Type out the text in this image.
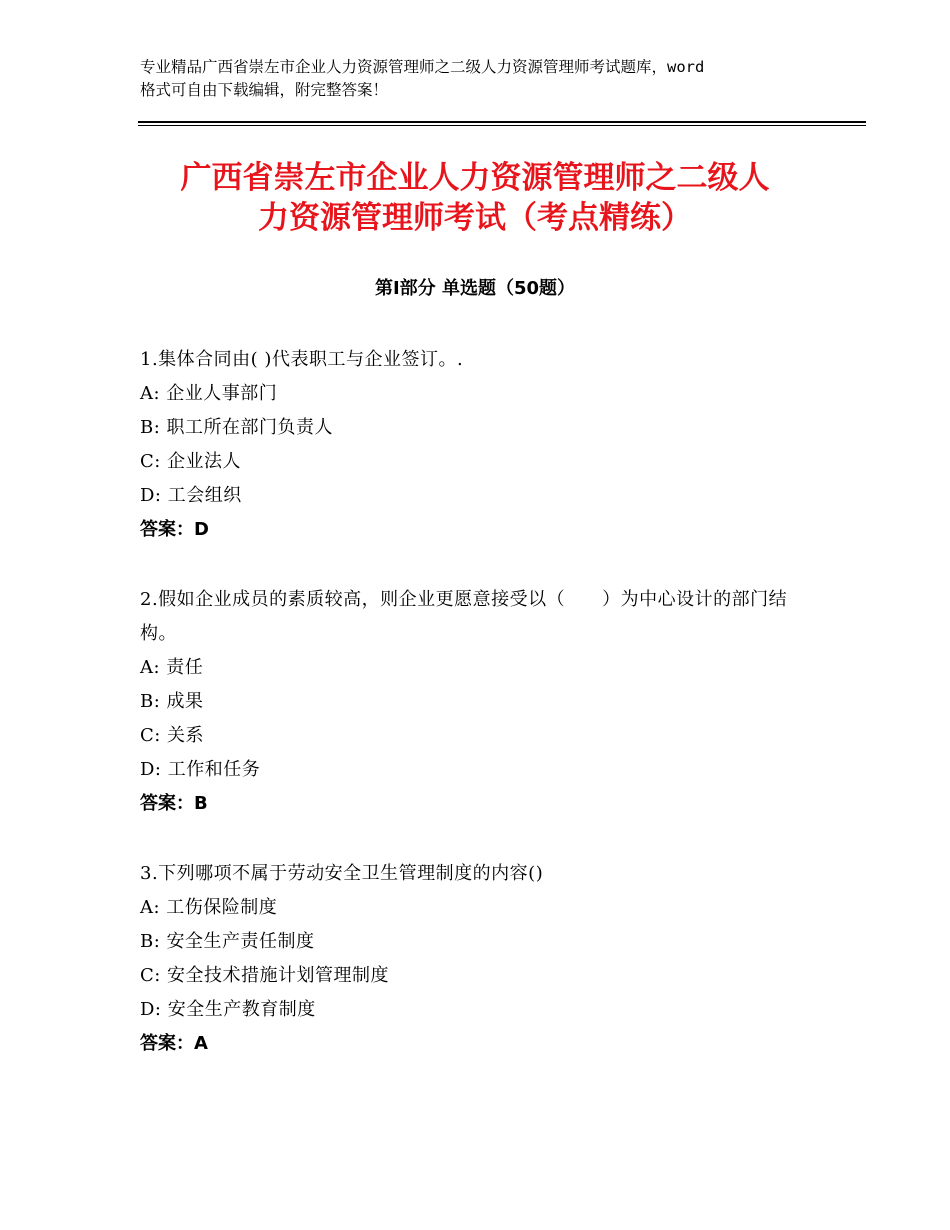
专业精品广西省崇左市企业人力资源管理师之二级人力资源管理师考试题库，word
格式可自由下载编辑，附完整答案！
广西省崇左市企业人力资源管理师之二级人
力资源管理师考试（考点精练）
第Ⅰ部分 单选题（50题）

1.集体合同由( )代表职工与企业签订。.

A: 企业人事部门

B: 职工所在部门负责人

C: 企业法人

D: 工会组织

答案：D

2.假如企业成员的素质较高，则企业更愿意接受以（　　）为中心设计的部门结构。

A: 责任

B: 成果

C: 关系

D: 工作和任务

答案：B

3.下列哪项不属于劳动安全卫生管理制度的内容()

A: 工伤保险制度

B: 安全生产责任制度

C: 安全技术措施计划管理制度

D: 安全生产教育制度

答案：A
